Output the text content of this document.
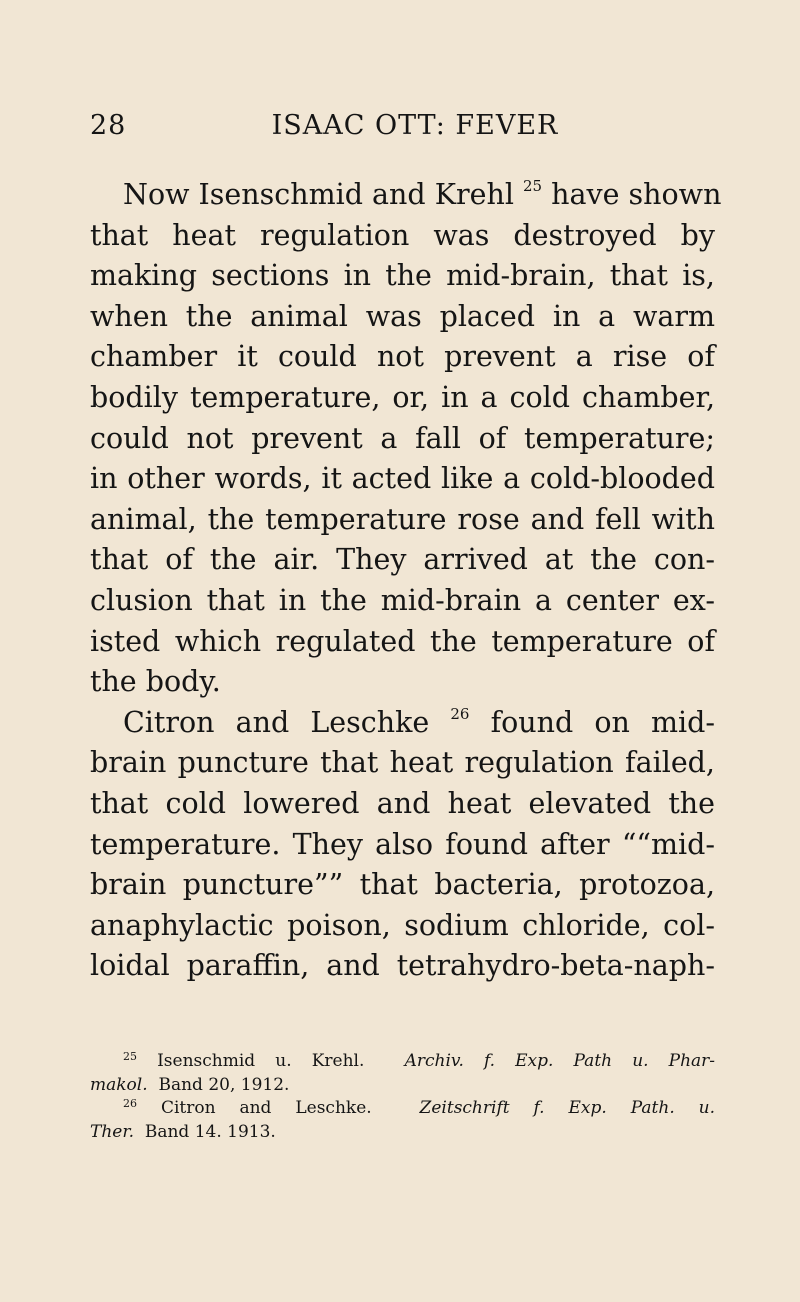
28	ISAAC OTT: FEVER
Now Isenschmid and Krehl $^{25}$ have shown
that heat regulation was destroyed by
making sections in the mid-brain, that is,
when the animal was placed in a warm
chamber it could not prevent a rise of
bodily temperature, or, in a cold chamber,
could not prevent a fall of temperature;
in other words, it acted like a cold-blooded
animal, the temperature rose and fell with
that of the air. They arrived at the con-
clusion that in the mid-brain a center ex-
isted which regulated the temperature of
the body.
Citron and Leschke $^{26}$ found on mid-
brain puncture that heat regulation failed,
that cold lowered and heat elevated the
temperature. They also found after ““mid-
brain puncture”” that bacteria, protozoa,
anaphylactic poison, sodium chloride, col-
loidal paraffin, and tetrahydro-beta-naph-
$^{25}$ Isenschmid u. Krehl. Archiv. f. Exp. Path u. Phar-
makol. Band 20, 1912.
$^{26}$ Citron and Leschke.	Zeitschrift f. Exp. Path. u.
Ther. Band 14. 1913.
